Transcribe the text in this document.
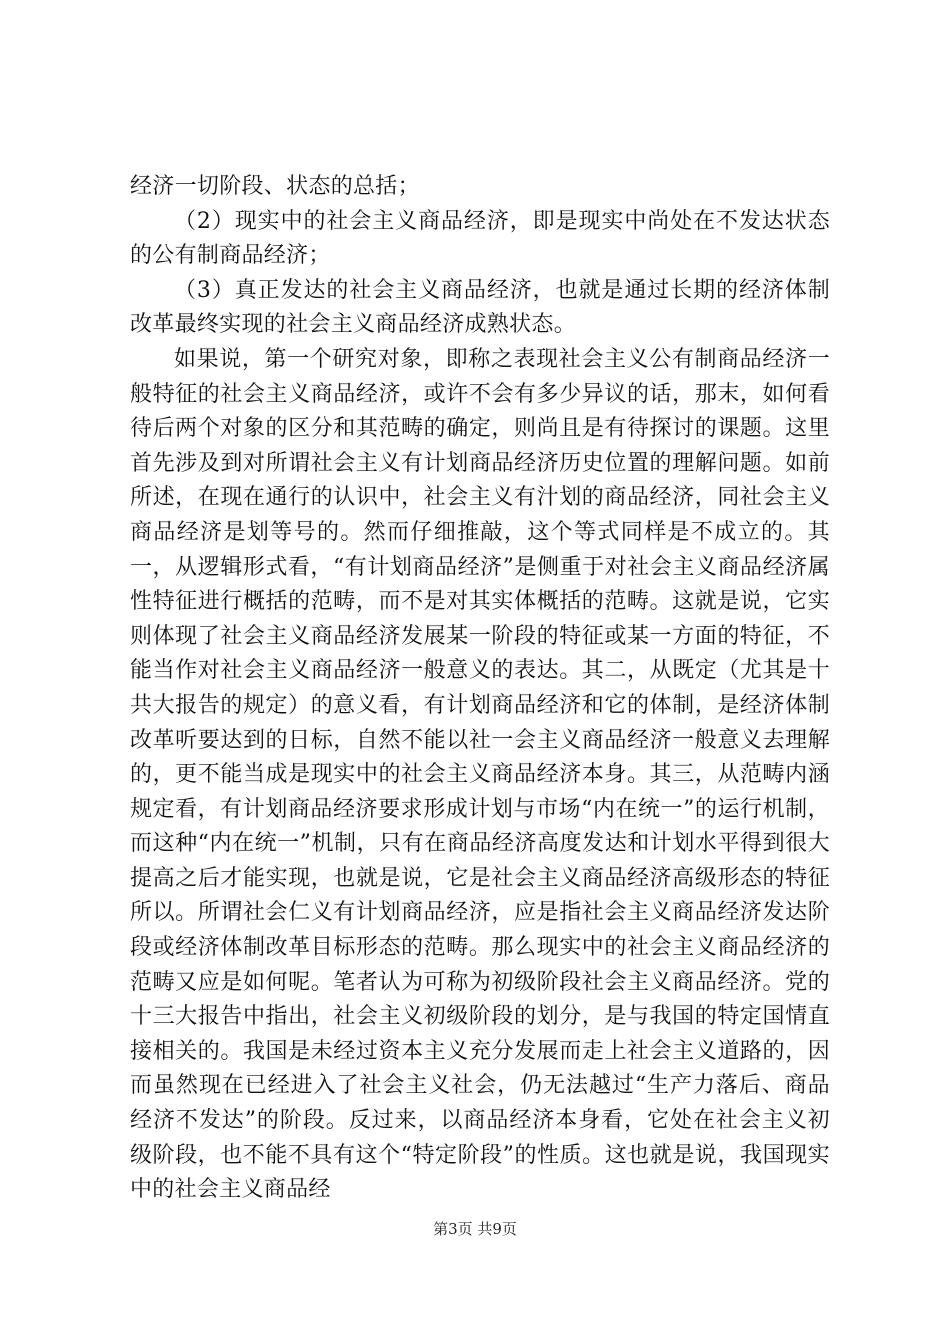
经济一切阶段、状态的总括；

（2）现实中的社会主义商品经济，即是现实中尚处在不发达状态的公有制商品经济；

（3）真正发达的社会主义商品经济，也就是通过长期的经济体制改革最终实现的社会主义商品经济成熟状态。

如果说，第一个研究对象，即称之表现社会主义公有制商品经济一般特征的社会主义商品经济，或许不会有多少异议的话，那末，如何看待后两个对象的区分和其范畴的确定，则尚且是有待探讨的课题。这里首先涉及到对所谓社会主义有计划商品经济历史位置的理解问题。如前所述，在现在通行的认识中，社会主义有汁划的商品经济，同社会主义商品经济是划等号的。然而仔细推敲，这个等式同样是不成立的。其一，从逻辑形式看，“有计划商品经济”是侧重于对社会主义商品经济属性特征进行概括的范畴，而不是对其实体概括的范畴。这就是说，它实则体现了社会主义商品经济发展某一阶段的特征或某一方面的特征，不能当作对社会主义商品经济一般意义的表达。其二，从既定（尤其是十共大报告的规定）的意义看，有计划商品经济和它的体制，是经济体制改革听要达到的日标，自然不能以社一会主义商品经济一般意义去理解的，更不能当成是现实中的社会主义商品经济本身。其三，从范畴内涵规定看，有计划商品经济要求形成计划与市场“内在统一”的运行机制，而这种“内在统一”机制，只有在商品经济高度发达和计划水平得到很大提高之后才能实现，也就是说，它是社会主义商品经济高级形态的特征所以。所谓社会仁义有计划商品经济，应是指社会主义商品经济发达阶段或经济体制改革目标形态的范畴。那么现实中的社会主义商品经济的范畴又应是如何呢。笔者认为可称为初级阶段社会主义商品经济。党的十三大报告中指出，社会主义初级阶段的划分，是与我国的特定国情直接相关的。我国是未经过资本主义充分发展而走上社会主义道路的，因而虽然现在已经进入了社会主义社会，仍无法越过“生产力落后、商品经济不发达”的阶段。反过来，以商品经济本身看，它处在社会主义初级阶段，也不能不具有这个“特定阶段”的性质。这也就是说，我国现实中的社会主义商品经

第3页 共9页
